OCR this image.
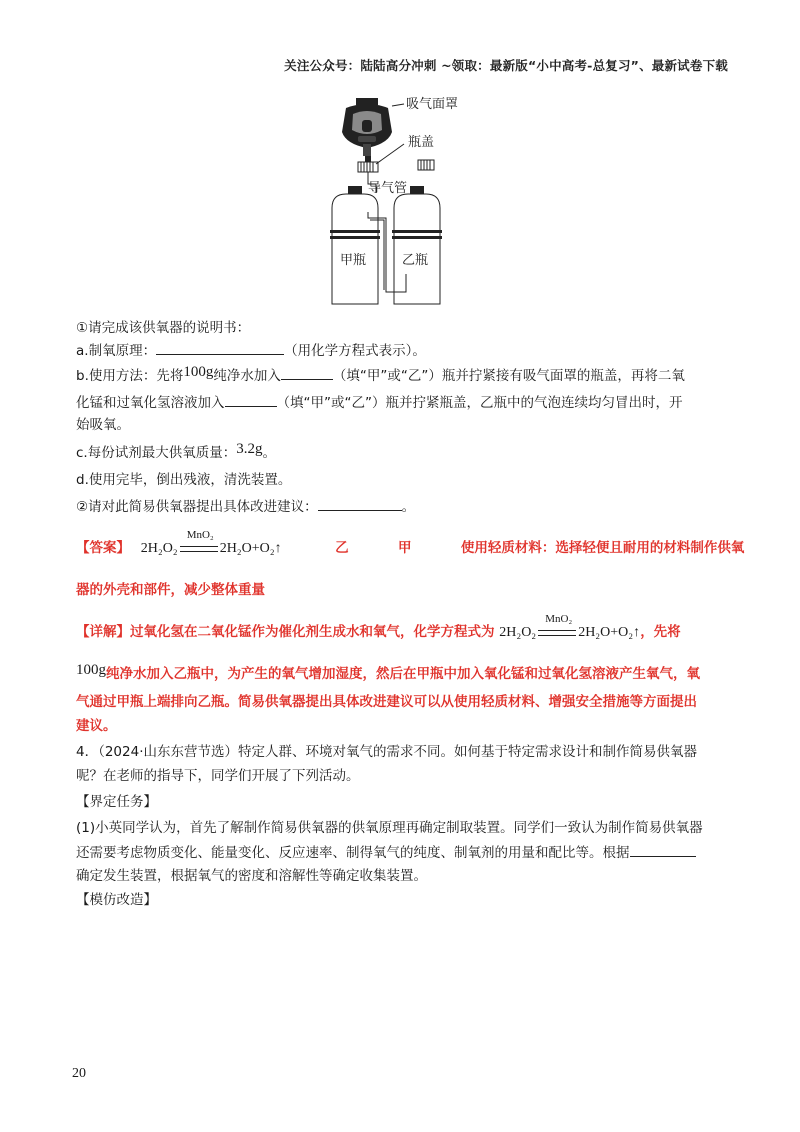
关注公众号：陆陆高分冲刺 ~领取：最新版“小中高考-总复习”、最新试卷下载
吸气面罩
瓶盖
导气管
甲瓶	乙瓶
①请完成该供氧器的说明书：
a.制氧原理：	（用化学方程式表示）。
b.使用方法：先将100g纯净水加入	（填“甲”或“乙”）瓶并拧紧接有吸气面罩的瓶盖，再将二氧
化锰和过氧化氢溶液加入	（填“甲”或“乙”）瓶并拧紧瓶盖，乙瓶中的气泡连续均匀冒出时，开
始吸氧。
c.每份试剂最大供氧质量：3.2g。
d.使用完毕，倒出残液，清洗装置。
②请对此简易供氧器提出具体改进建议：	。
【答案】 2H₂O₂
MnO₂
2H₂O+O₂↑	乙	甲	使用轻质材料：选择轻便且耐用的材料制作供氧
器的外壳和部件，减少整体重量
【详解】过氧化氢在二氧化锰作为催化剂生成水和氧气，化学方程式为 2H₂O₂
MnO₂
2H₂O+O₂↑，先将
100g纯净水加入乙瓶中，为产生的氧气增加湿度，然后在甲瓶中加入氧化锰和过氧化氢溶液产生氧气，氧
气通过甲瓶上端排向乙瓶。简易供氧器提出具体改进建议可以从使用轻质材料、增强安全措施等方面提出
建议。
4．（2024·山东东营节选）特定人群、环境对氧气的需求不同。如何基于特定需求设计和制作简易供氧器
呢？在老师的指导下，同学们开展了下列活动。
【界定任务】
(1)小英同学认为，首先了解制作简易供氧器的供氧原理再确定制取装置。同学们一致认为制作简易供氧器
还需要考虑物质变化、能量变化、反应速率、制得氧气的纯度、制氧剂的用量和配比等。根据
确定发生装置，根据氧气的密度和溶解性等确定收集装置。
【模仿改造】
20
